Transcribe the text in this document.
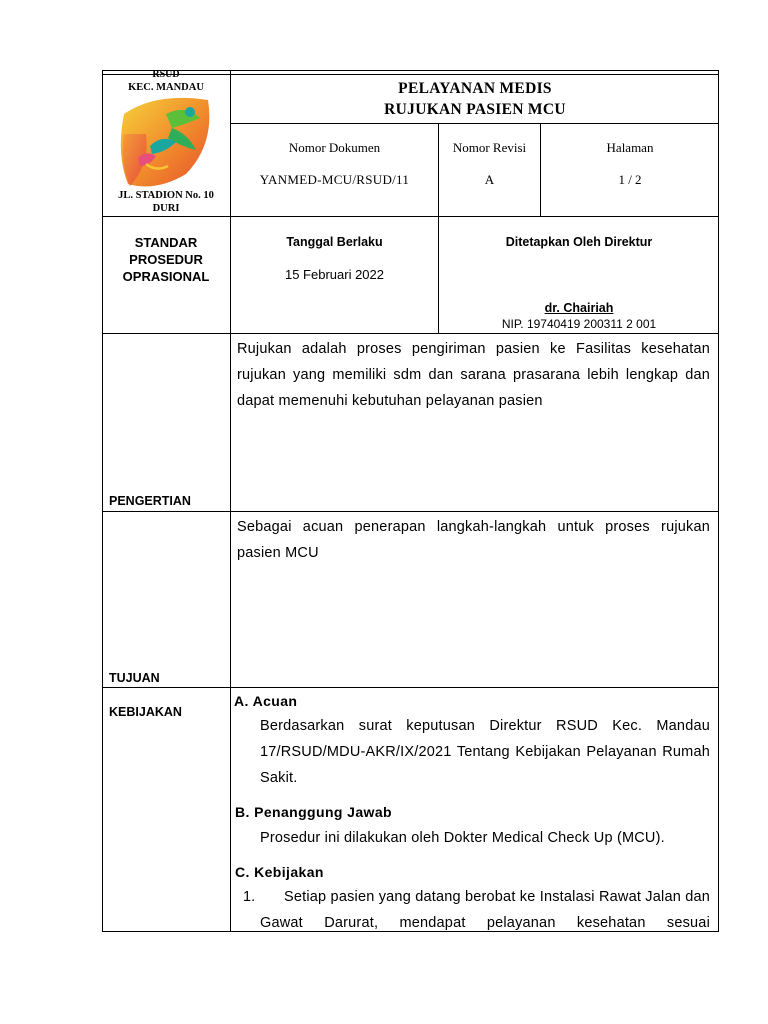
RSUD
KEC. MANDAU
JL. STADION No. 10
DURI
PELAYANAN MEDIS
RUJUKAN PASIEN MCU
Nomor Dokumen
YANMED-MCU/RSUD/11
Nomor Revisi
A
Halaman
1 / 2
STANDAR
PROSEDUR
OPRASIONAL
Tanggal Berlaku
15 Februari 2022
Ditetapkan Oleh Direktur
dr. Chairiah
NIP. 19740419 200311 2 001
PENGERTIAN
Rujukan adalah proses pengiriman pasien ke Fasilitas kesehatan rujukan yang memiliki sdm dan sarana prasarana lebih lengkap dan dapat memenuhi kebutuhan pelayanan pasien
TUJUAN
Sebagai acuan penerapan langkah-langkah untuk proses rujukan pasien MCU
KEBIJAKAN
A. Acuan
Berdasarkan surat keputusan Direktur RSUD Kec. Mandau 17/RSUD/MDU-AKR/IX/2021 Tentang Kebijakan Pelayanan Rumah Sakit.
B. Penanggung Jawab
Prosedur ini dilakukan oleh Dokter Medical Check Up (MCU).
C. Kebijakan
1.	Setiap pasien yang datang berobat ke Instalasi Rawat Jalan dan Gawat Darurat, mendapat pelayanan kesehatan sesuai
